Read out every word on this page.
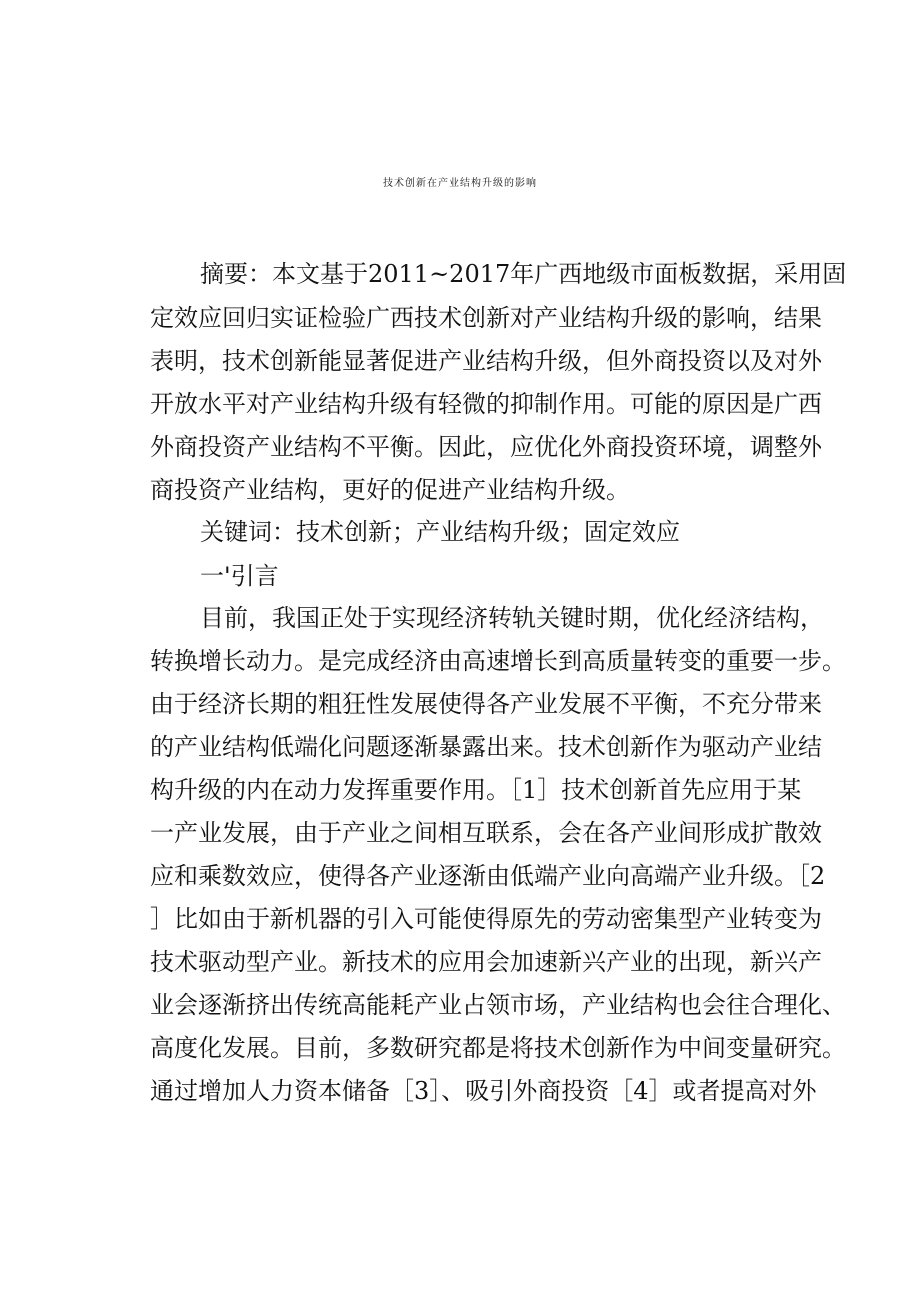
技术创新在产业结构升级的影响
摘要：本文基于2011~2017年广西地级市面板数据，采用固
定效应回归实证检验广西技术创新对产业结构升级的影响，结果
表明，技术创新能显著促进产业结构升级，但外商投资以及对外
开放水平对产业结构升级有轻微的抑制作用。可能的原因是广西
外商投资产业结构不平衡。因此，应优化外商投资环境，调整外
商投资产业结构，更好的促进产业结构升级。
关键词：技术创新；产业结构升级；固定效应
一'引言
目前，我国正处于实现经济转轨关键时期，优化经济结构，
转换增长动力。是完成经济由高速增长到高质量转变的重要一步。
由于经济长期的粗狂性发展使得各产业发展不平衡，不充分带来
的产业结构低端化问题逐渐暴露出来。技术创新作为驱动产业结
构升级的内在动力发挥重要作用。［1］技术创新首先应用于某
一产业发展，由于产业之间相互联系，会在各产业间形成扩散效
应和乘数效应，使得各产业逐渐由低端产业向高端产业升级。［2
］比如由于新机器的引入可能使得原先的劳动密集型产业转变为
技术驱动型产业。新技术的应用会加速新兴产业的出现，新兴产
业会逐渐挤出传统高能耗产业占领市场，产业结构也会往合理化、
高度化发展。目前，多数研究都是将技术创新作为中间变量研究。
通过增加人力资本储备［3］、吸引外商投资［4］或者提高对外
